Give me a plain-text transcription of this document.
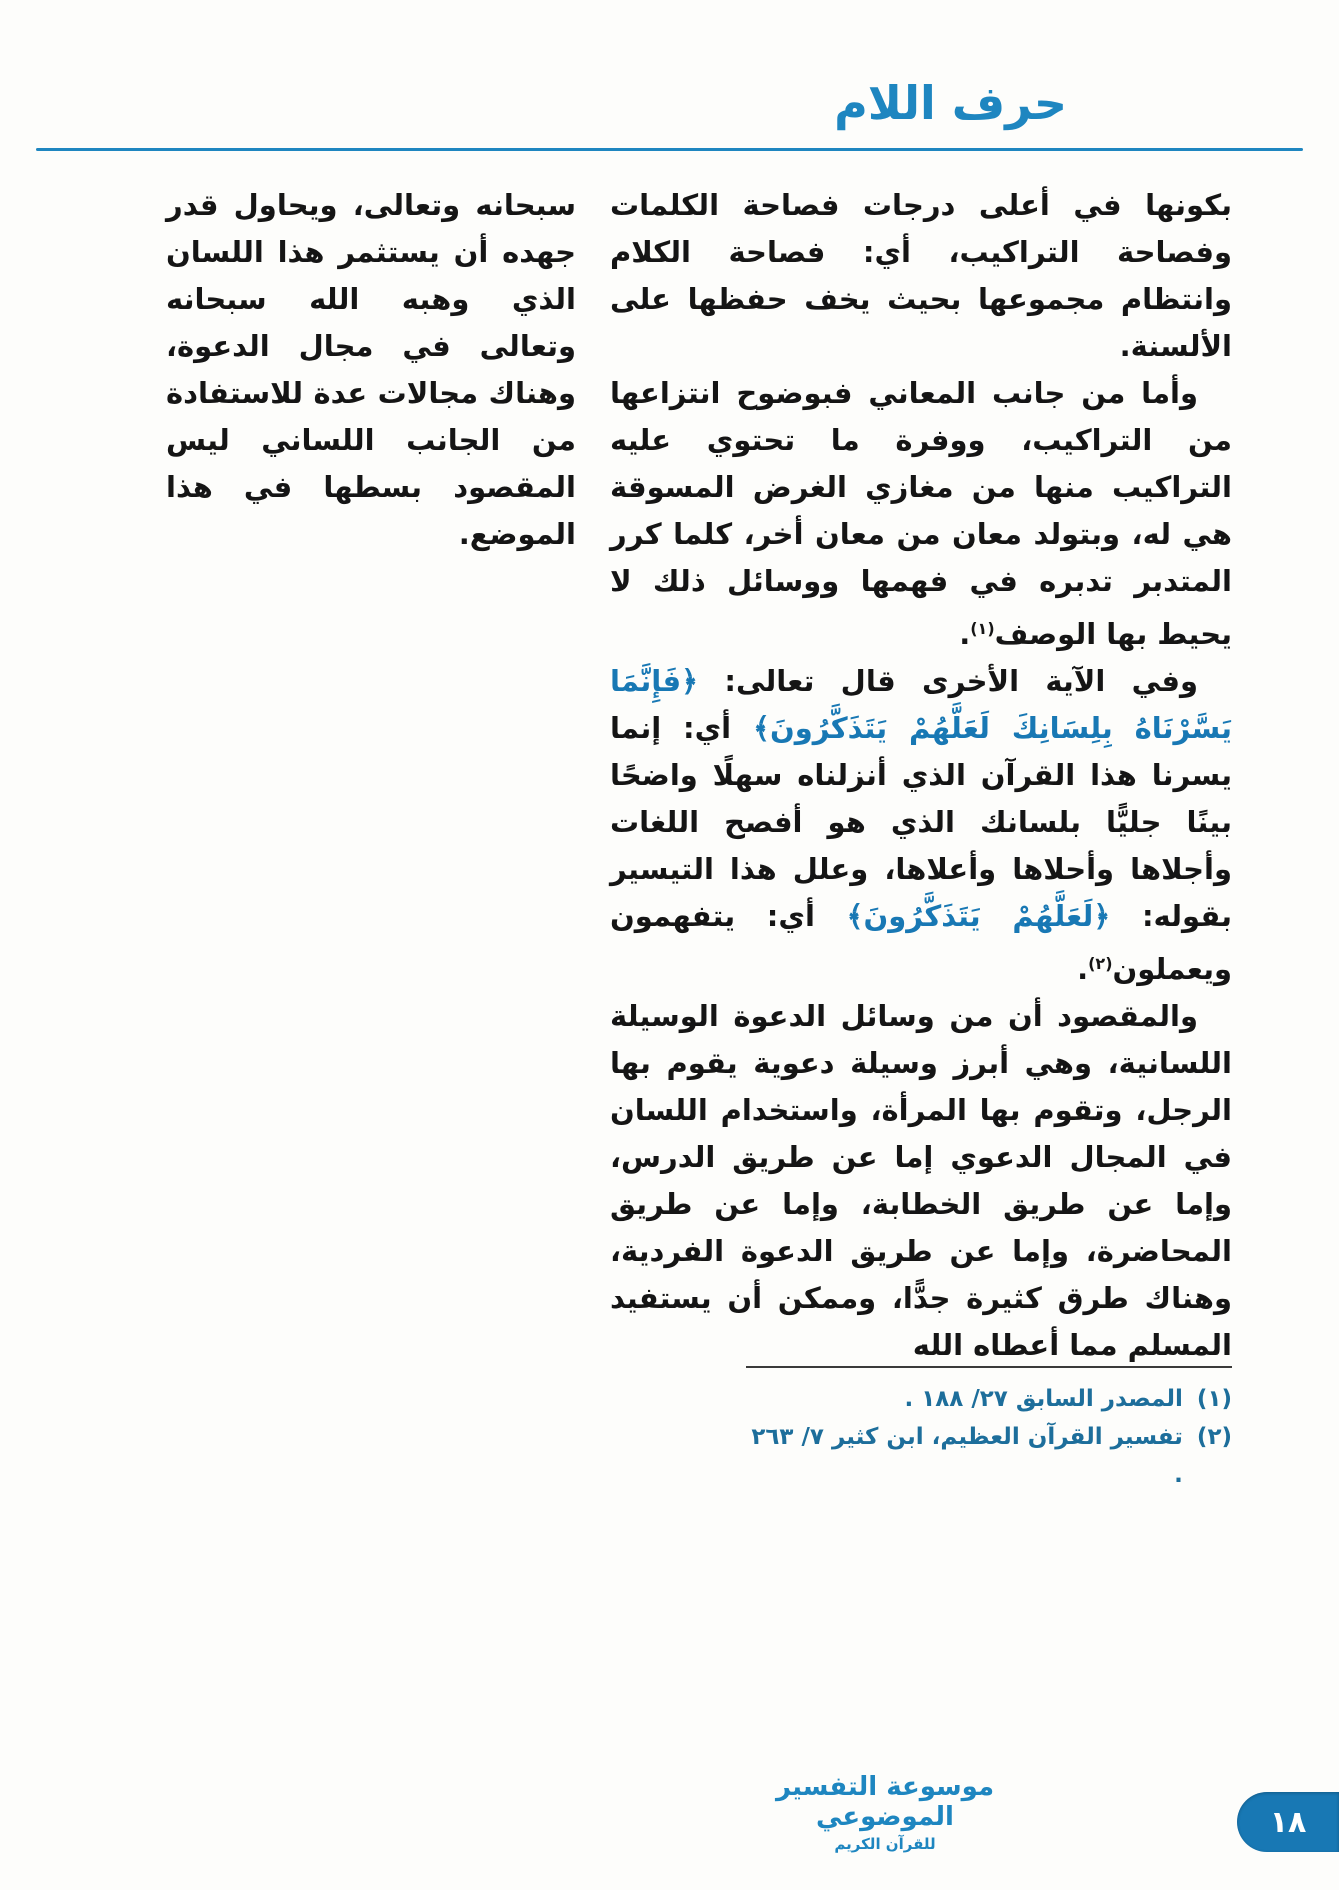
حرف اللام

بكونها في أعلى درجات فصاحة الكلمات وفصاحة التراكيب، أي: فصاحة الكلام وانتظام مجموعها بحيث يخف حفظها على الألسنة.

وأما من جانب المعاني فبوضوح انتزاعها من التراكيب، ووفرة ما تحتوي عليه التراكيب منها من مغازي الغرض المسوقة هي له، وبتولد معان من معان أخر، كلما كرر المتدبر تدبره في فهمها ووسائل ذلك لا يحيط بها الوصف$^{(١)}$.

وفي الآية الأخرى قال تعالى: ﴿فَإِنَّمَا يَسَّرْنَاهُ بِلِسَانِكَ لَعَلَّهُمْ يَتَذَكَّرُونَ﴾ أي: إنما يسرنا هذا القرآن الذي أنزلناه سهلًا واضحًا بينًا جليًّا بلسانك الذي هو أفصح اللغات وأجلاها وأحلاها وأعلاها، وعلل هذا التيسير بقوله: ﴿لَعَلَّهُمْ يَتَذَكَّرُونَ﴾ أي: يتفهمون ويعملون$^{(٢)}$.

والمقصود أن من وسائل الدعوة الوسيلة اللسانية، وهي أبرز وسيلة دعوية يقوم بها الرجل، وتقوم بها المرأة، واستخدام اللسان في المجال الدعوي إما عن طريق الدرس، وإما عن طريق الخطابة، وإما عن طريق المحاضرة، وإما عن طريق الدعوة الفردية، وهناك طرق كثيرة جدًّا، وممكن أن يستفيد المسلم مما أعطاه الله

سبحانه وتعالى، ويحاول قدر جهده أن يستثمر هذا اللسان الذي وهبه الله سبحانه وتعالى في مجال الدعوة، وهناك مجالات عدة للاستفادة من الجانب اللساني ليس المقصود بسطها في هذا الموضع.

(١)
المصدر السابق ٢٧/ ١٨٨ .
(٢)
تفسير القرآن العظيم، ابن كثير ٧/ ٢٦٣ .
موسوعة التفسير الموضوعي
للقرآن الكريم
١٨
